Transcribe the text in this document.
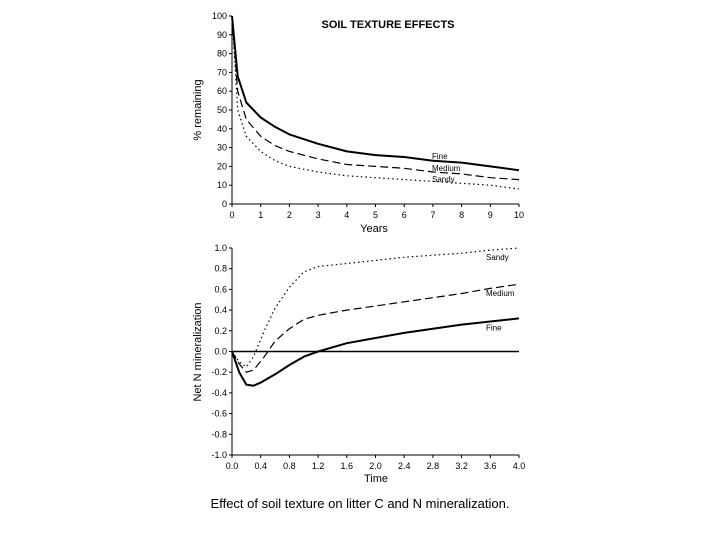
SOIL TEXTURE EFFECTS
Years
% remaining
0	1	2	3	4	5	6	7	8	9 10
0
10
20
30
40
50
60
70
80
90
100
Fine
Medium
Sandy
Time
Net N mineralization
0.0 0.4 0.8 1.2 1.6 2.0 2.4 2.8 3.2 3.6 4.0
-1.0
-0.8
-0.6
-0.4
-0.2
0.0
0.2
0.4
0.6
0.8
1.0
Sandy
Medium
Fine
Effect of soil texture on litter C and N mineralization.
